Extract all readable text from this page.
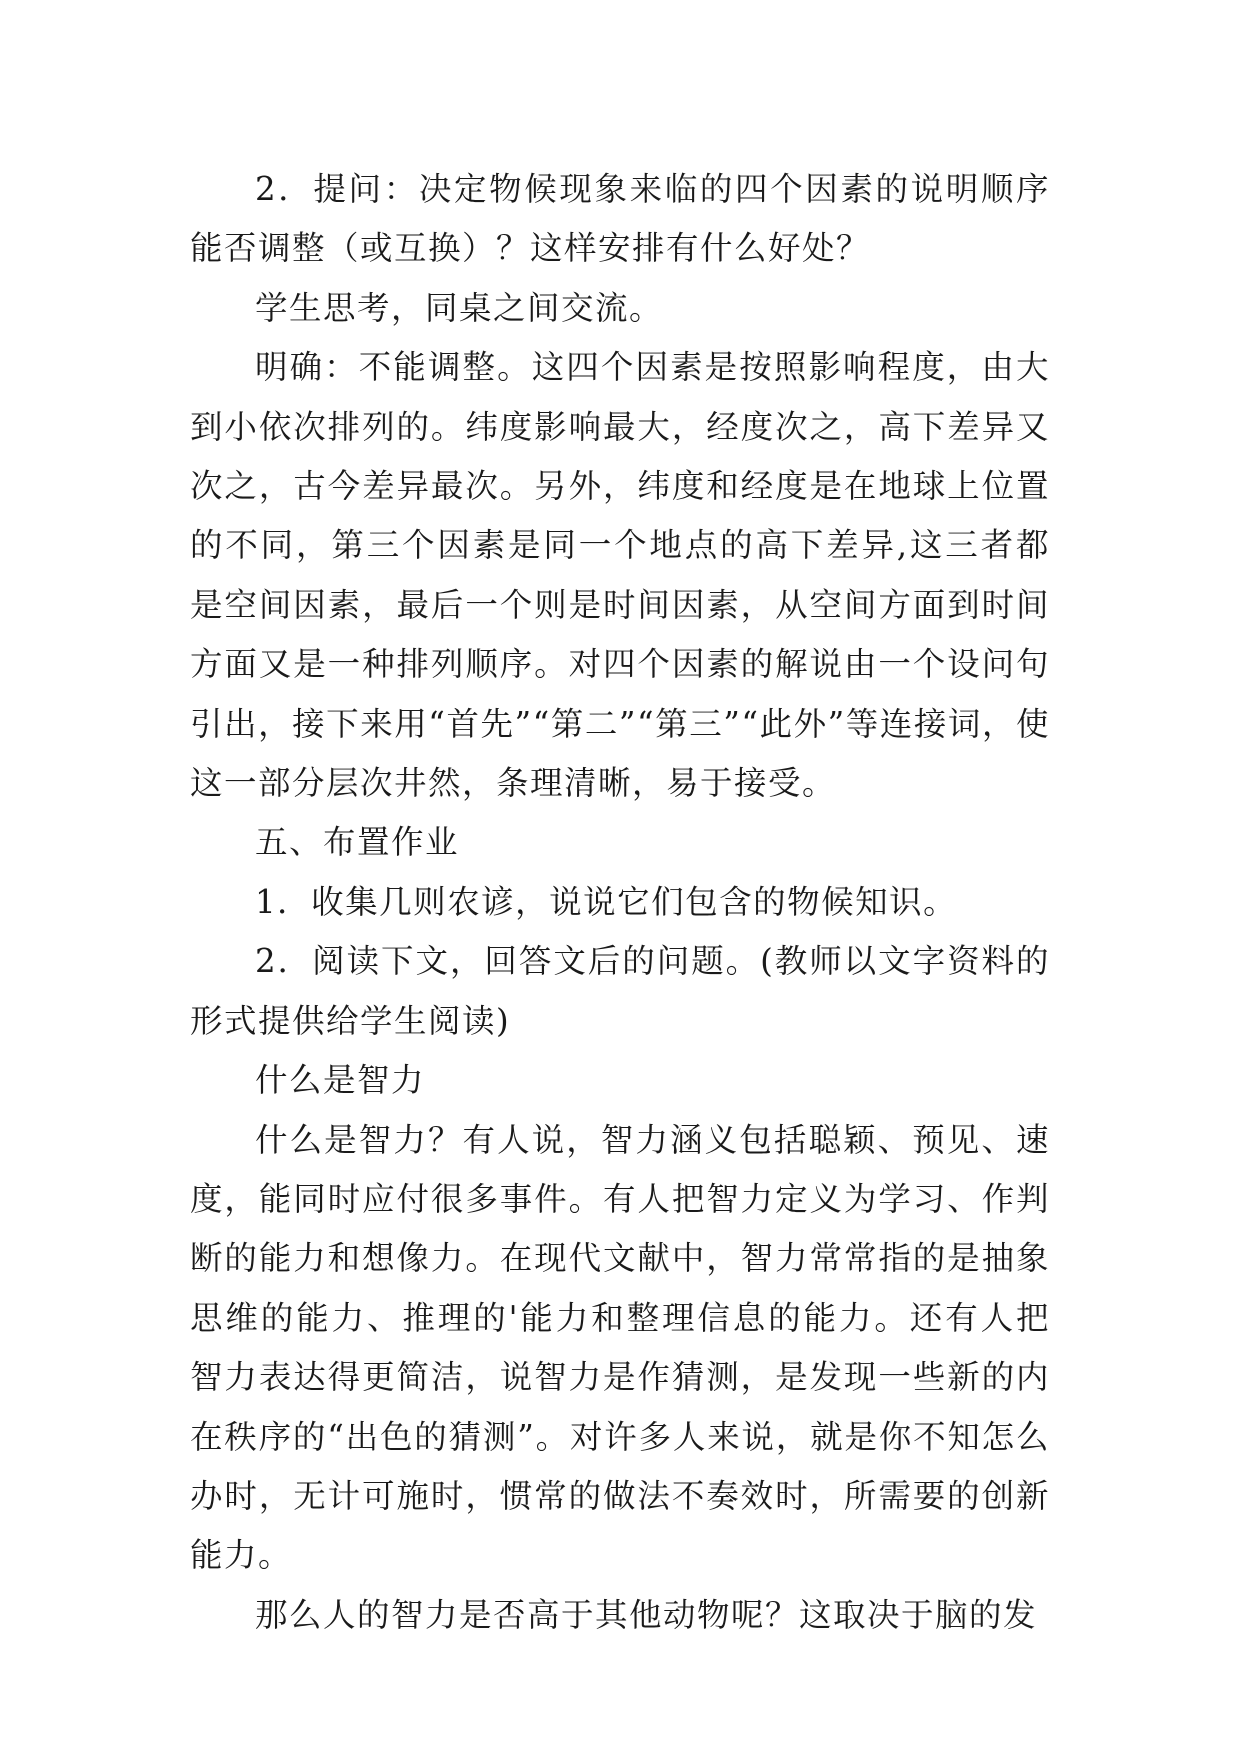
2．提问：决定物候现象来临的四个因素的说明顺序能否调整（或互换）？这样安排有什么好处？

学生思考，同桌之间交流。

明确：不能调整。这四个因素是按照影响程度，由大到小依次排列的。纬度影响最大，经度次之，高下差异又次之，古今差异最次。另外，纬度和经度是在地球上位置的不同，第三个因素是同一个地点的高下差异,这三者都是空间因素，最后一个则是时间因素，从空间方面到时间方面又是一种排列顺序。对四个因素的解说由一个设问句引出，接下来用“首先”“第二”“第三”“此外”等连接词，使这一部分层次井然，条理清晰，易于接受。

五、布置作业

1．收集几则农谚，说说它们包含的物候知识。

2．阅读下文，回答文后的问题。(教师以文字资料的形式提供给学生阅读)

什么是智力

什么是智力？有人说，智力涵义包括聪颖、预见、速度，能同时应付很多事件。有人把智力定义为学习、作判断的能力和想像力。在现代文献中，智力常常指的是抽象思维的能力、推理的'能力和整理信息的能力。还有人把智力表达得更简洁，说智力是作猜测，是发现一些新的内在秩序的“出色的猜测”。对许多人来说，就是你不知怎么办时，无计可施时，惯常的做法不奏效时，所需要的创新能力。

那么人的智力是否高于其他动物呢？这取决于脑的发
